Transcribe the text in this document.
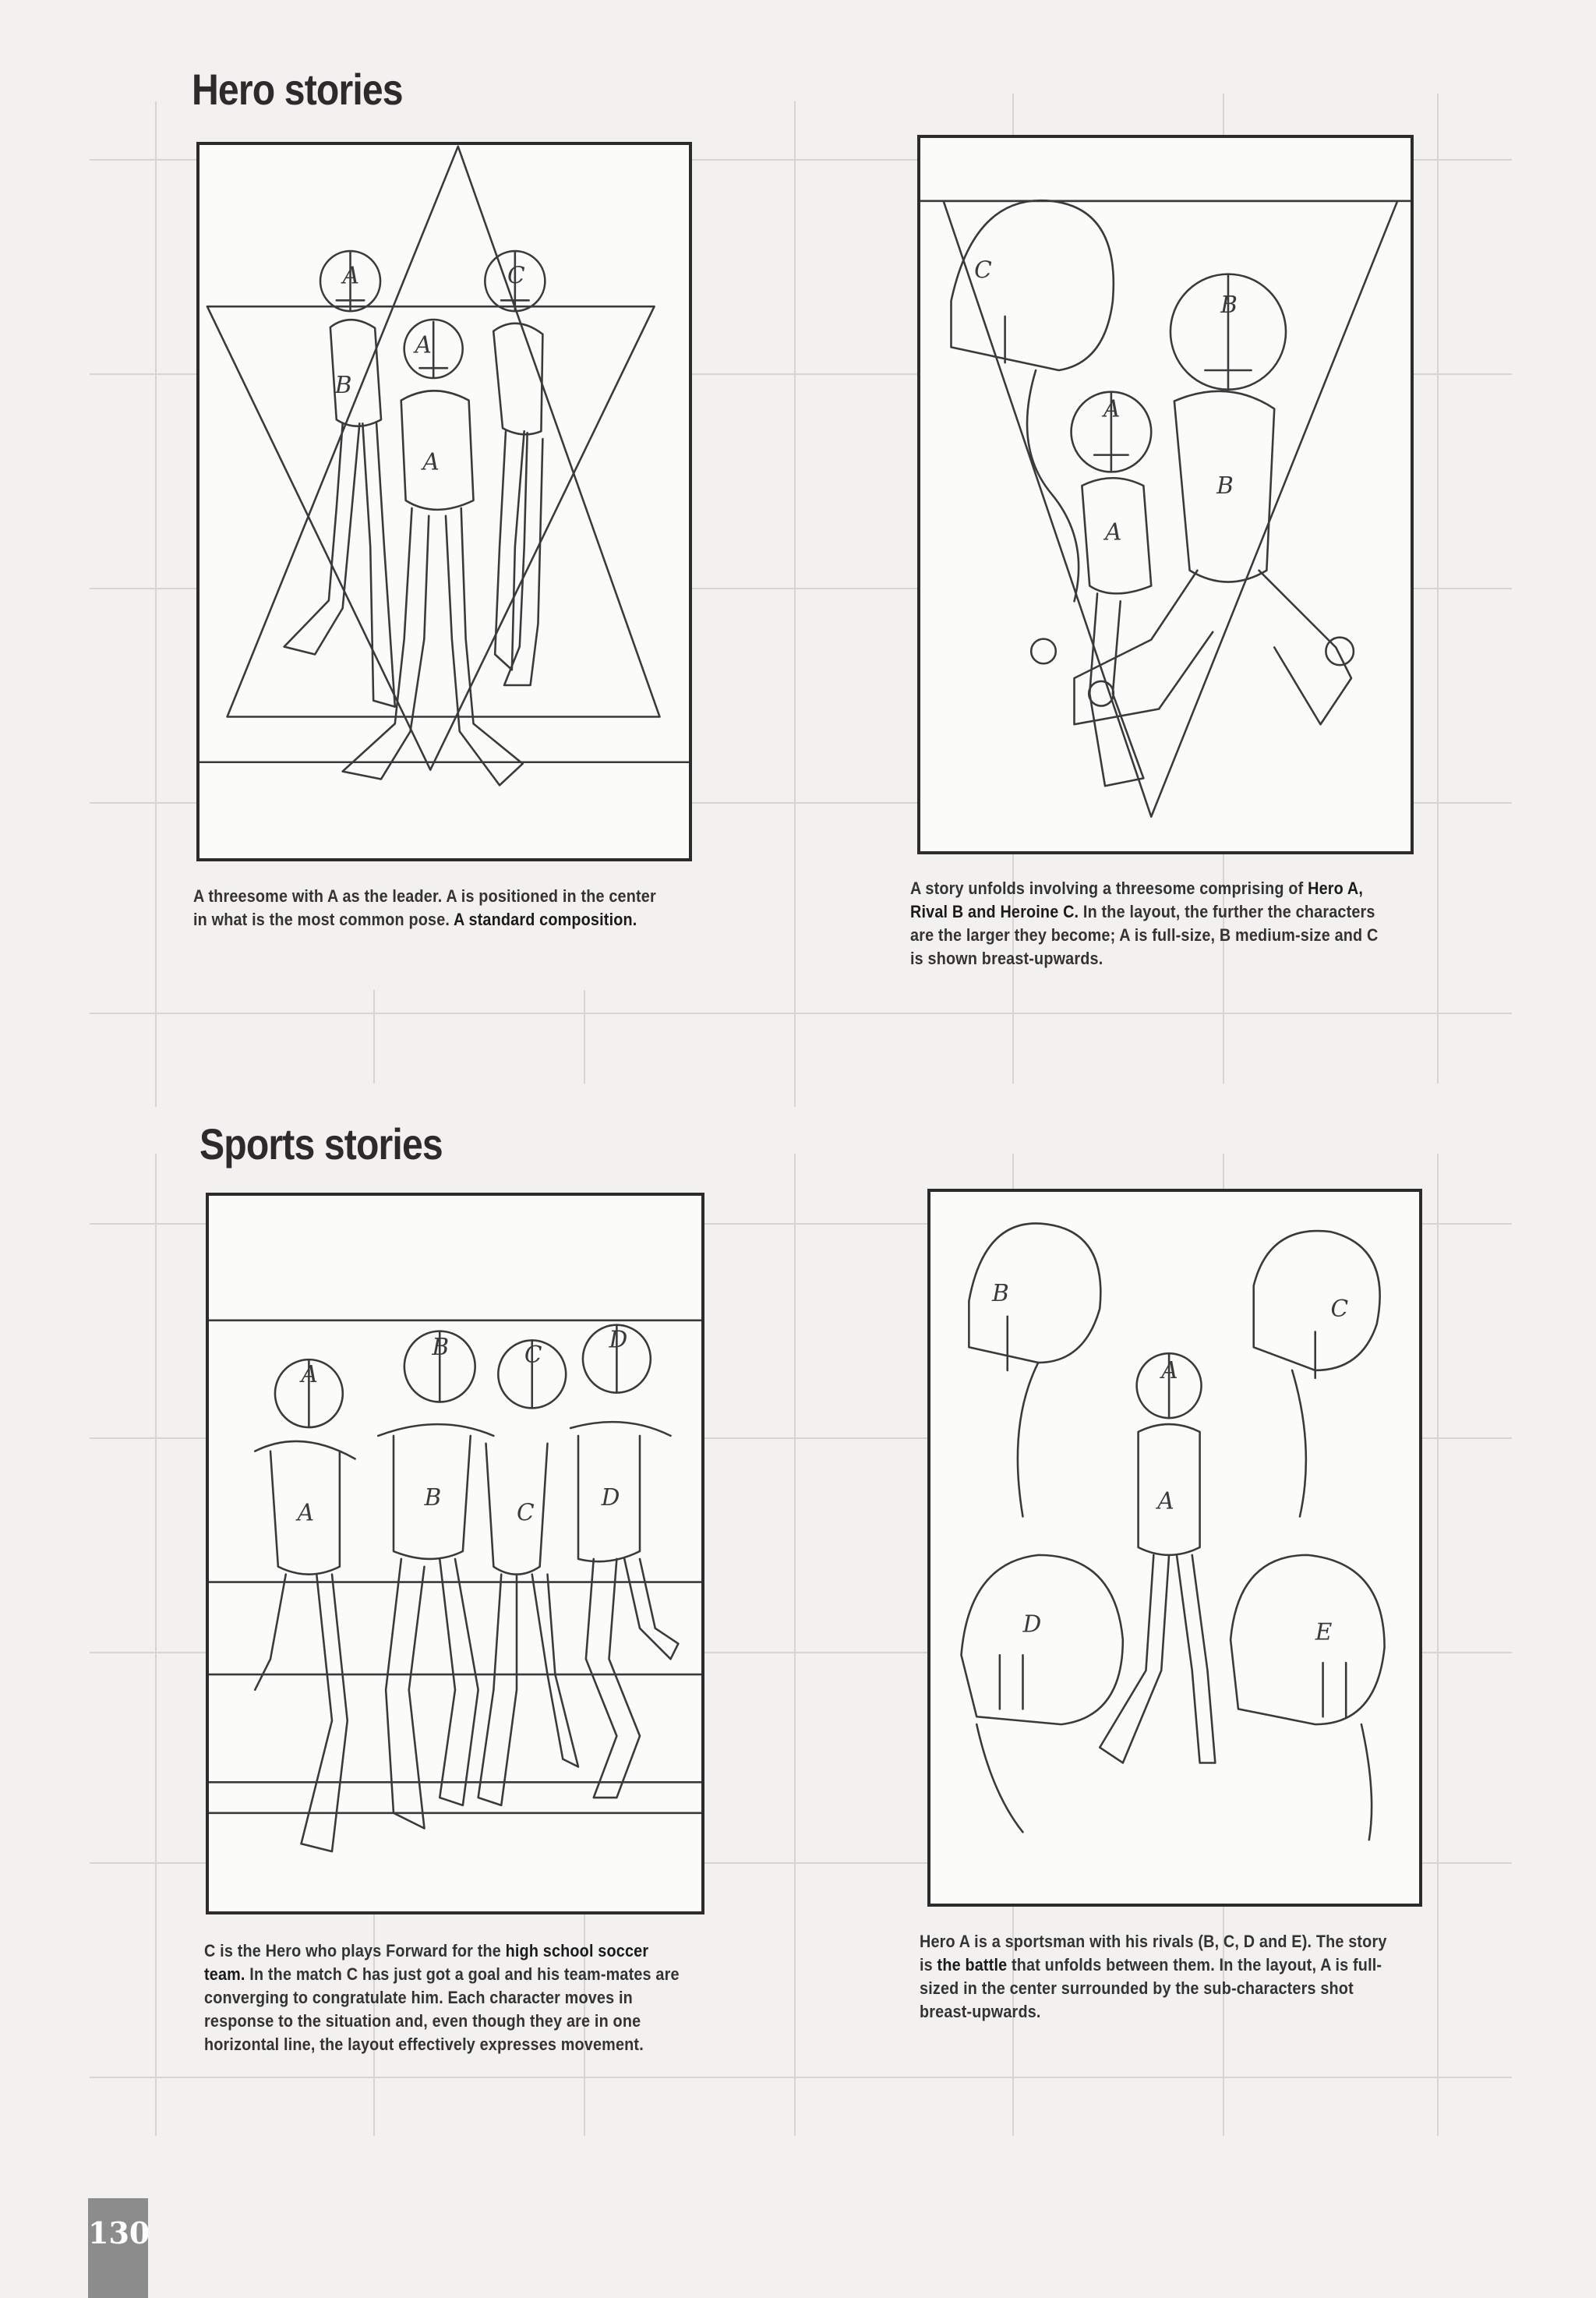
Hero stories
A
B
C
A
A

A threesome with A as the leader. A is positioned in the center in what is the most common pose. A standard composition.

C
B
B
A
A

A story unfolds involving a threesome comprising of Hero A, Rival B and Heroine C. In the layout, the further the characters are the larger they become; A is full-size, B medium-size and C is shown breast-upwards.

Sports stories
A
B	C
D
A
B
C
D

C is the Hero who plays Forward for the high school soccer team. In the match C has just got a goal and his team-mates are converging to congratulate him. Each character moves in response to the situation and, even though they are in one horizontal line, the layout effectively expresses movement.

B
C
A
A
D	E

Hero A is a sportsman with his rivals (B, C, D and E). The story is the battle that unfolds between them. In the layout, A is full-sized in the center surrounded by the sub-characters shot breast-upwards.

130
